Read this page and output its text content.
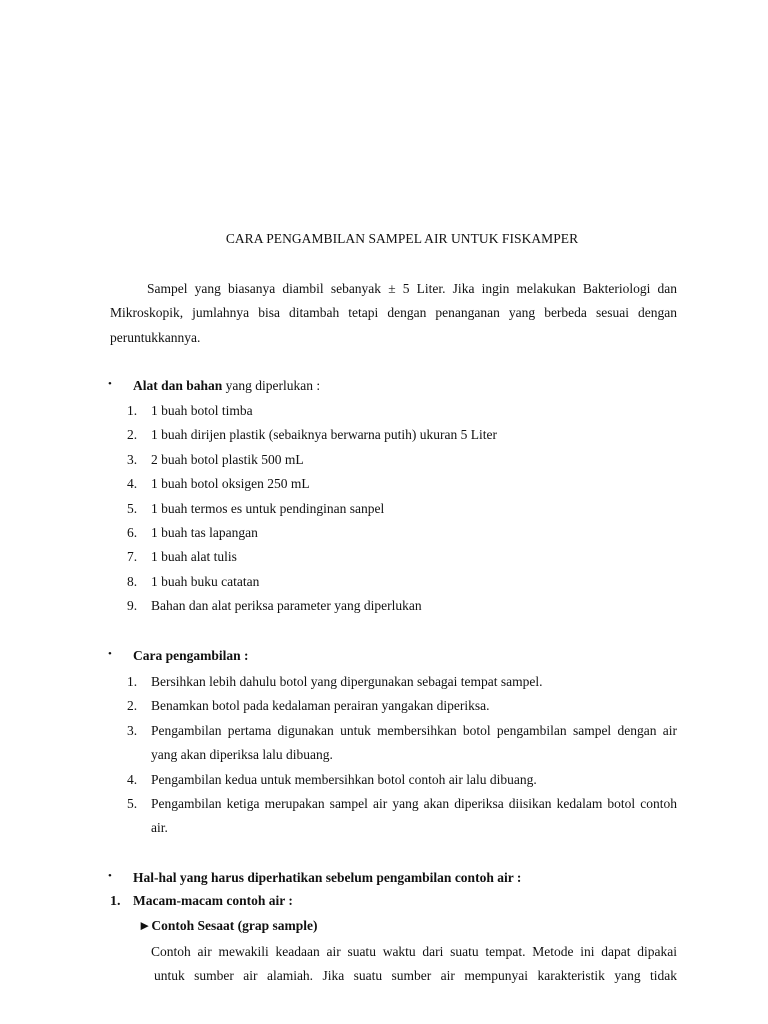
CARA PENGAMBILAN SAMPEL AIR UNTUK FISKAMPER

Sampel yang biasanya diambil sebanyak ± 5 Liter. Jika ingin melakukan Bakteriologi dan Mikroskopik, jumlahnya bisa ditambah tetapi dengan penanganan yang berbeda sesuai dengan peruntukkannya.

• Alat dan bahan yang diperlukan :
1. 1 buah botol timba
2. 1 buah dirijen plastik (sebaiknya berwarna putih) ukuran 5 Liter
3. 2 buah botol plastik 500 mL
4. 1 buah botol oksigen 250 mL
5. 1 buah termos es untuk pendinginan sanpel
6. 1 buah tas lapangan
7. 1 buah alat tulis
8. 1 buah buku catatan
9. Bahan dan alat periksa parameter yang diperlukan
• Cara pengambilan :
1. Bersihkan lebih dahulu botol yang dipergunakan sebagai tempat sampel.
2. Benamkan botol pada kedalaman perairan yangakan diperiksa.
3. Pengambilan pertama digunakan untuk membersihkan botol pengambilan sampel dengan air yang akan diperiksa lalu dibuang.
4. Pengambilan kedua untuk membersihkan botol contoh air lalu dibuang.
5. Pengambilan ketiga merupakan sampel air yang akan diperiksa diisikan kedalam botol contoh air.
• Hal-hal yang harus diperhatikan sebelum pengambilan contoh air :
1. Macam-macam contoh air :
►Contoh Sesaat (grap sample)

Contoh air mewakili keadaan air suatu waktu dari suatu tempat. Metode ini dapat dipakai
untuk sumber air alamiah. Jika suatu sumber air mempunyai karakteristik yang tidak
